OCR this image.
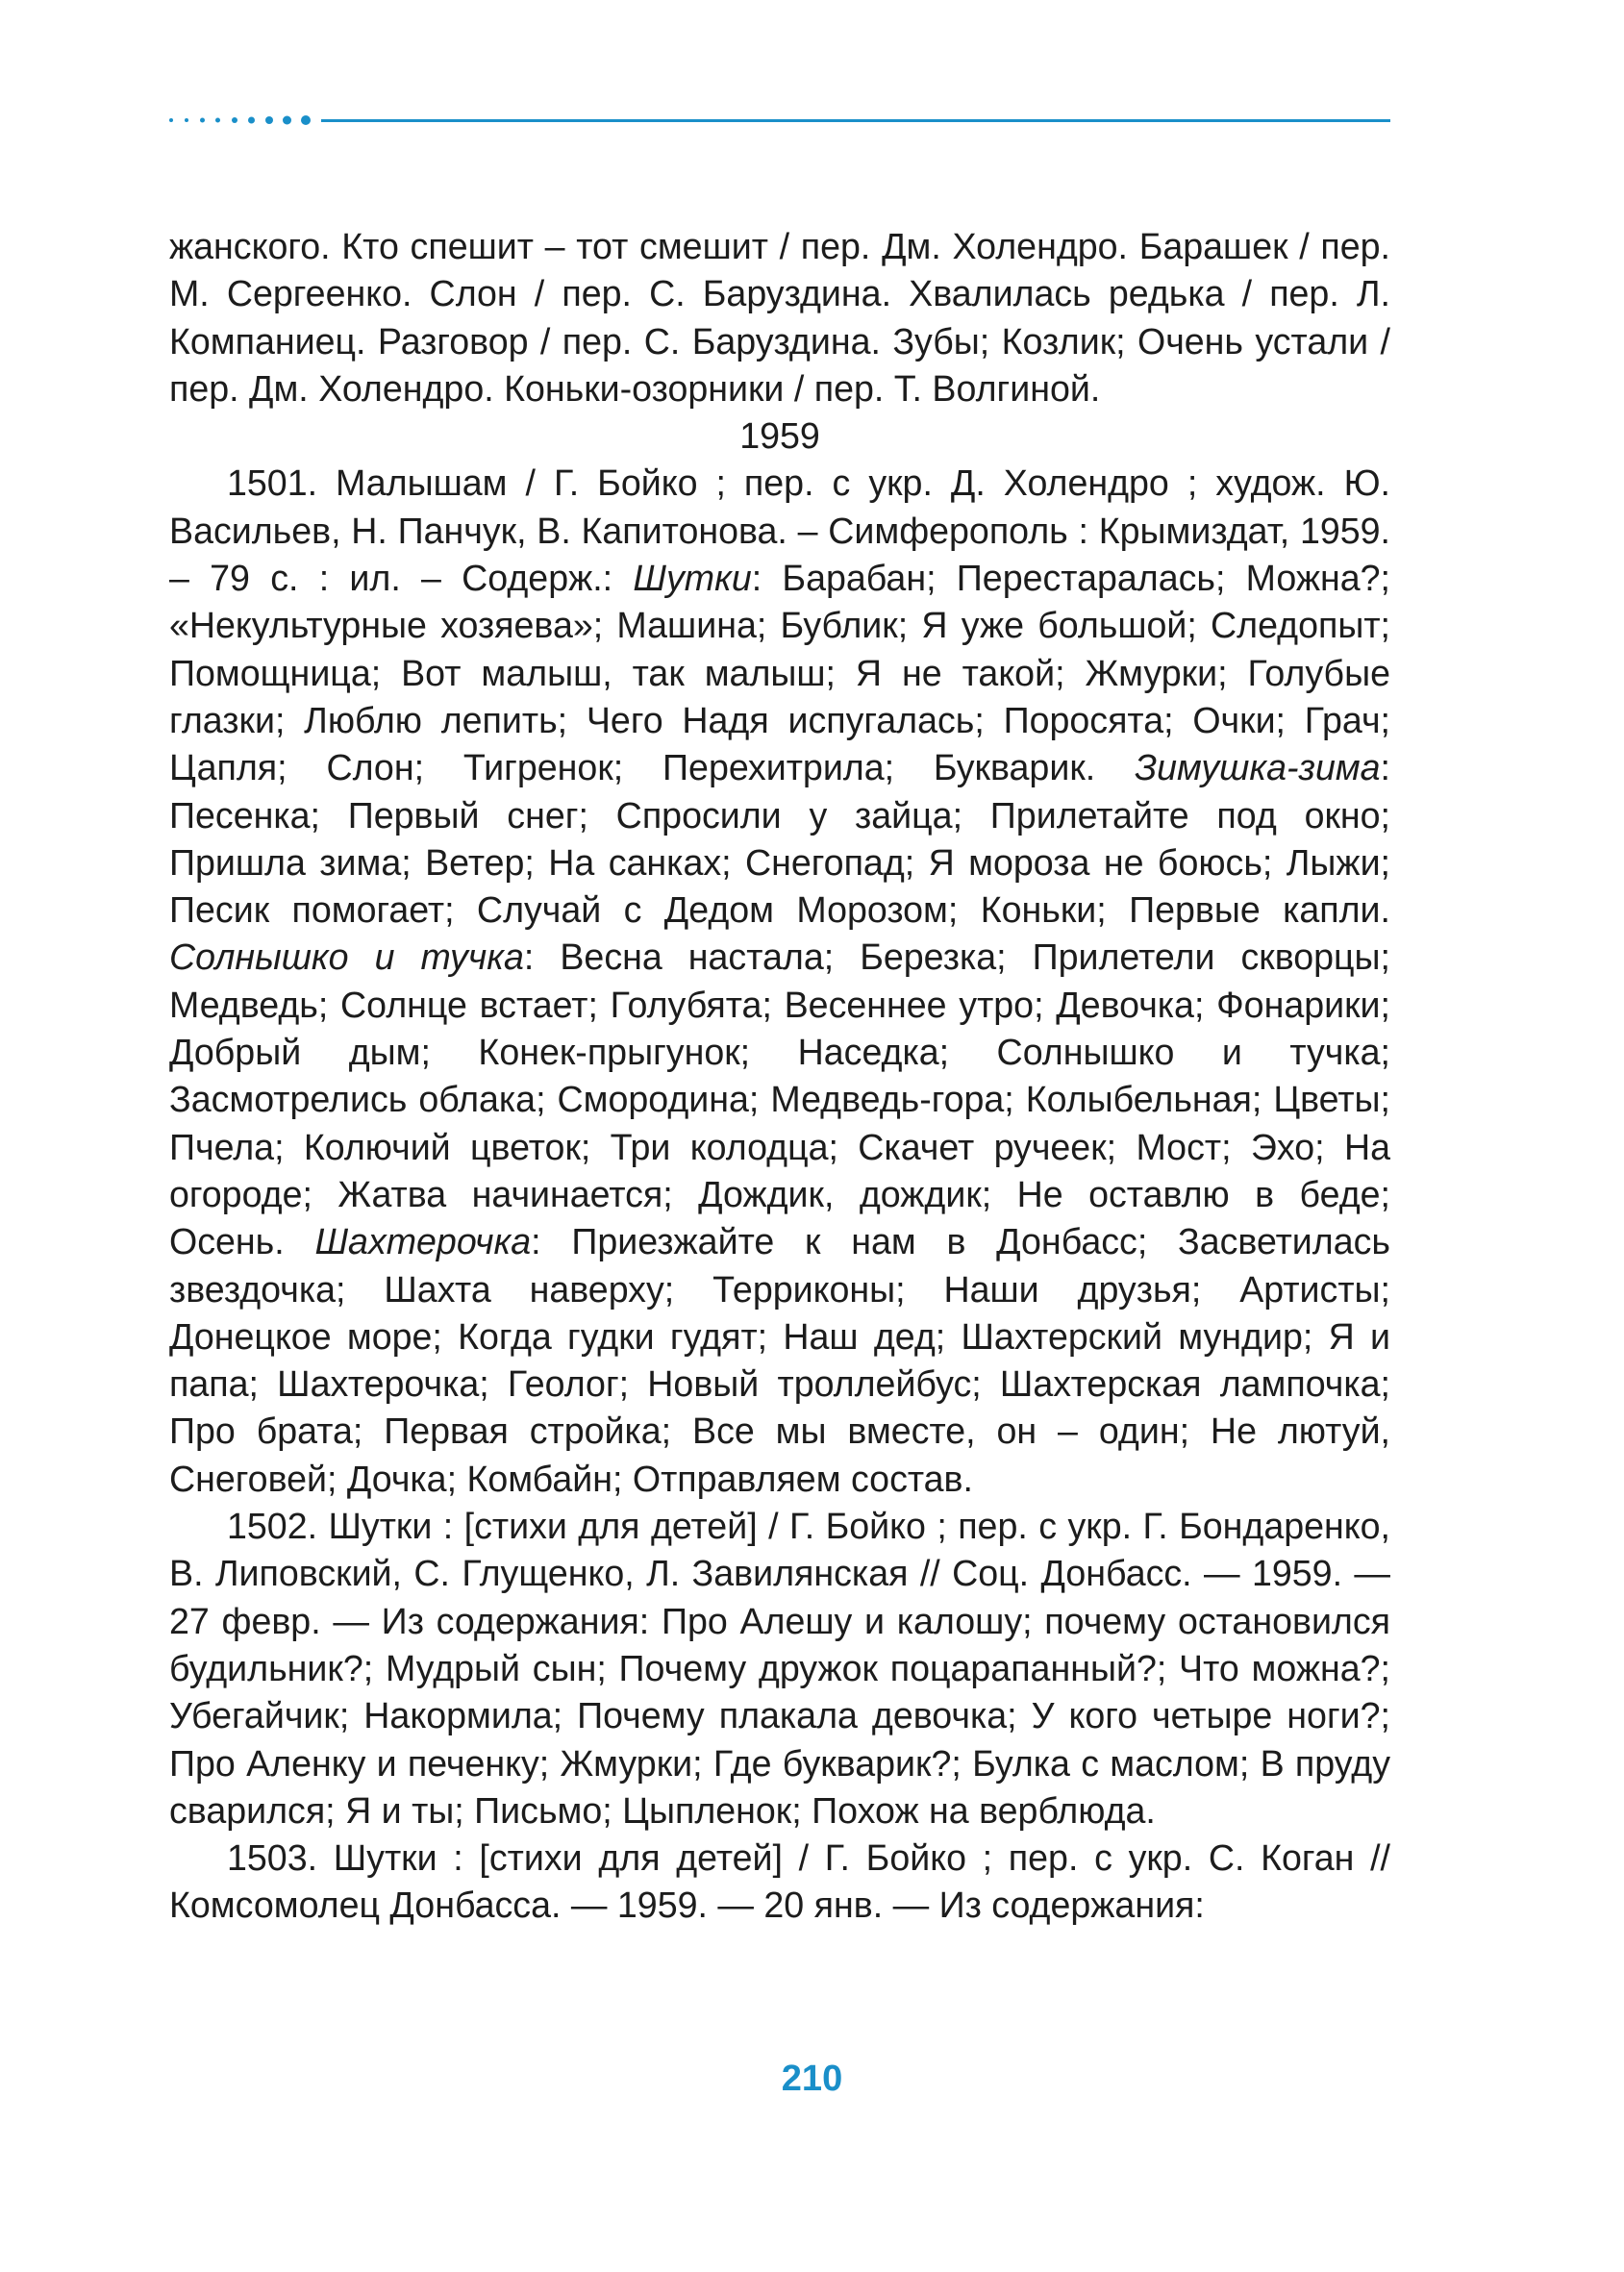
жанского. Кто спешит – тот смешит / пер. Дм. Холендро. Барашек / пер. М. Сергеенко. Слон / пер. С. Баруздина. Хвалилась редька / пер. Л. Компаниец. Разговор / пер. С. Баруздина. Зубы; Козлик; Очень устали / пер. Дм. Холендро. Коньки-озорники / пер. Т. Волгиной.

1959

1501. Малышам / Г. Бойко ; пер. с укр. Д. Холендро ; худож. Ю. Васильев, Н. Панчук, В. Капитонова. – Симферополь : Крымиздат, 1959. – 79 с. : ил. – Содерж.: Шутки: Барабан; Перестаралась; Можна?; «Некультурные хозяева»; Машина; Бублик; Я уже большой; Следопыт; Помощница; Вот малыш, так малыш; Я не такой; Жмурки; Голубые глазки; Люблю лепить; Чего Надя испугалась; Поросята; Очки; Грач; Цапля; Слон; Тигренок; Перехитрила; Букварик. Зимушка-зима: Песенка; Первый снег; Спросили у зайца; Прилетайте под окно; Пришла зима; Ветер; На санках; Снегопад; Я мороза не боюсь; Лыжи; Песик помогает; Случай с Дедом Морозом; Коньки; Первые капли. Солнышко и тучка: Весна настала; Березка; Прилетели скворцы; Медведь; Солнце встает; Голубята; Весеннее утро; Девочка; Фонарики; Добрый дым; Конек-прыгунок; Наседка; Солнышко и тучка; Засмотрелись облака; Смородина; Медведь-гора; Колыбельная; Цветы; Пчела; Колючий цветок; Три колодца; Скачет ручеек; Мост; Эхо; На огороде; Жатва начинается; Дождик, дождик; Не оставлю в беде; Осень. Шахтерочка: Приезжайте к нам в Донбасс; Засветилась звездочка; Шахта наверху; Терриконы; Наши друзья; Артисты; Донецкое море; Когда гудки гудят; Наш дед; Шахтерский мундир; Я и папа; Шахтерочка; Геолог; Новый троллейбус; Шахтерская лампочка; Про брата; Первая стройка; Все мы вместе, он – один; Не лютуй, Снеговей; Дочка; Комбайн; Отправляем состав.

1502. Шутки : [стихи для детей] / Г. Бойко ; пер. с укр. Г. Бондаренко, В. Липовский, С. Глущенко, Л. Завилянская // Соц. Донбасс. — 1959. — 27 февр. — Из содержания: Про Алешу и калошу; почему остановился будильник?; Мудрый сын; Почему дружок поцарапанный?; Что можна?; Убегайчик; Накормила; Почему плакала девочка; У кого четыре ноги?; Про Аленку и печенку; Жмурки; Где букварик?; Булка с маслом; В пруду сварился; Я и ты; Письмо; Цыпленок; Похож на верблюда.

1503. Шутки : [стихи для детей] / Г. Бойко ; пер. с укр. С. Коган // Комсомолец Донбасса. — 1959. — 20 янв. — Из содержания:

210
